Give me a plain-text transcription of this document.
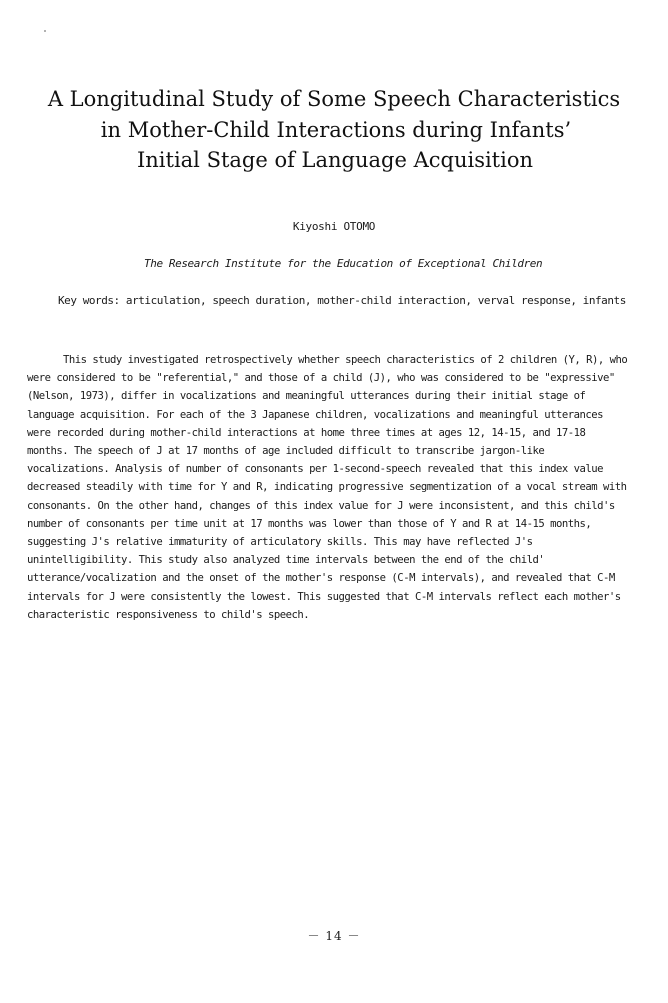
A Longitudinal Study of Some Speech Characteristics
in Mother-Child Interactions during Infants’
Initial Stage of Language Acquisition
Kiyoshi OTOMO
The Research Institute for the Education of Exceptional Children
Key words: articulation, speech duration, mother-child interaction, verval response, infants
This study investigated retrospectively whether speech characteristics of 2 children (Y, R), who
were considered to be "referential," and those of a child (J), who was considered to be "expressive"
(Nelson, 1973), differ in vocalizations and meaningful utterances during their initial stage of
language acquisition. For each of the 3 Japanese children, vocalizations and meaningful utterances
were recorded during mother-child interactions at home three times at ages 12, 14-15, and 17-18
months. The speech of J at 17 months of age included difficult to transcribe jargon-like
vocalizations. Analysis of number of consonants per 1-second-speech revealed that this index value
decreased steadily with time for Y and R, indicating progressive segmentization of a vocal stream with
consonants. On the other hand, changes of this index value for J were inconsistent, and this child's
number of consonants per time unit at 17 months was lower than those of Y and R at 14-15 months,
suggesting J's relative immaturity of articulatory skills. This may have reflected J's
unintelligibility. This study also analyzed time intervals between the end of the child'
utterance/vocalization and the onset of the mother's response (C-M intervals), and revealed that C-M
intervals for J were consistently the lowest. This suggested that C-M intervals reflect each mother's
characteristic responsiveness to child's speech.
－ 14 －
